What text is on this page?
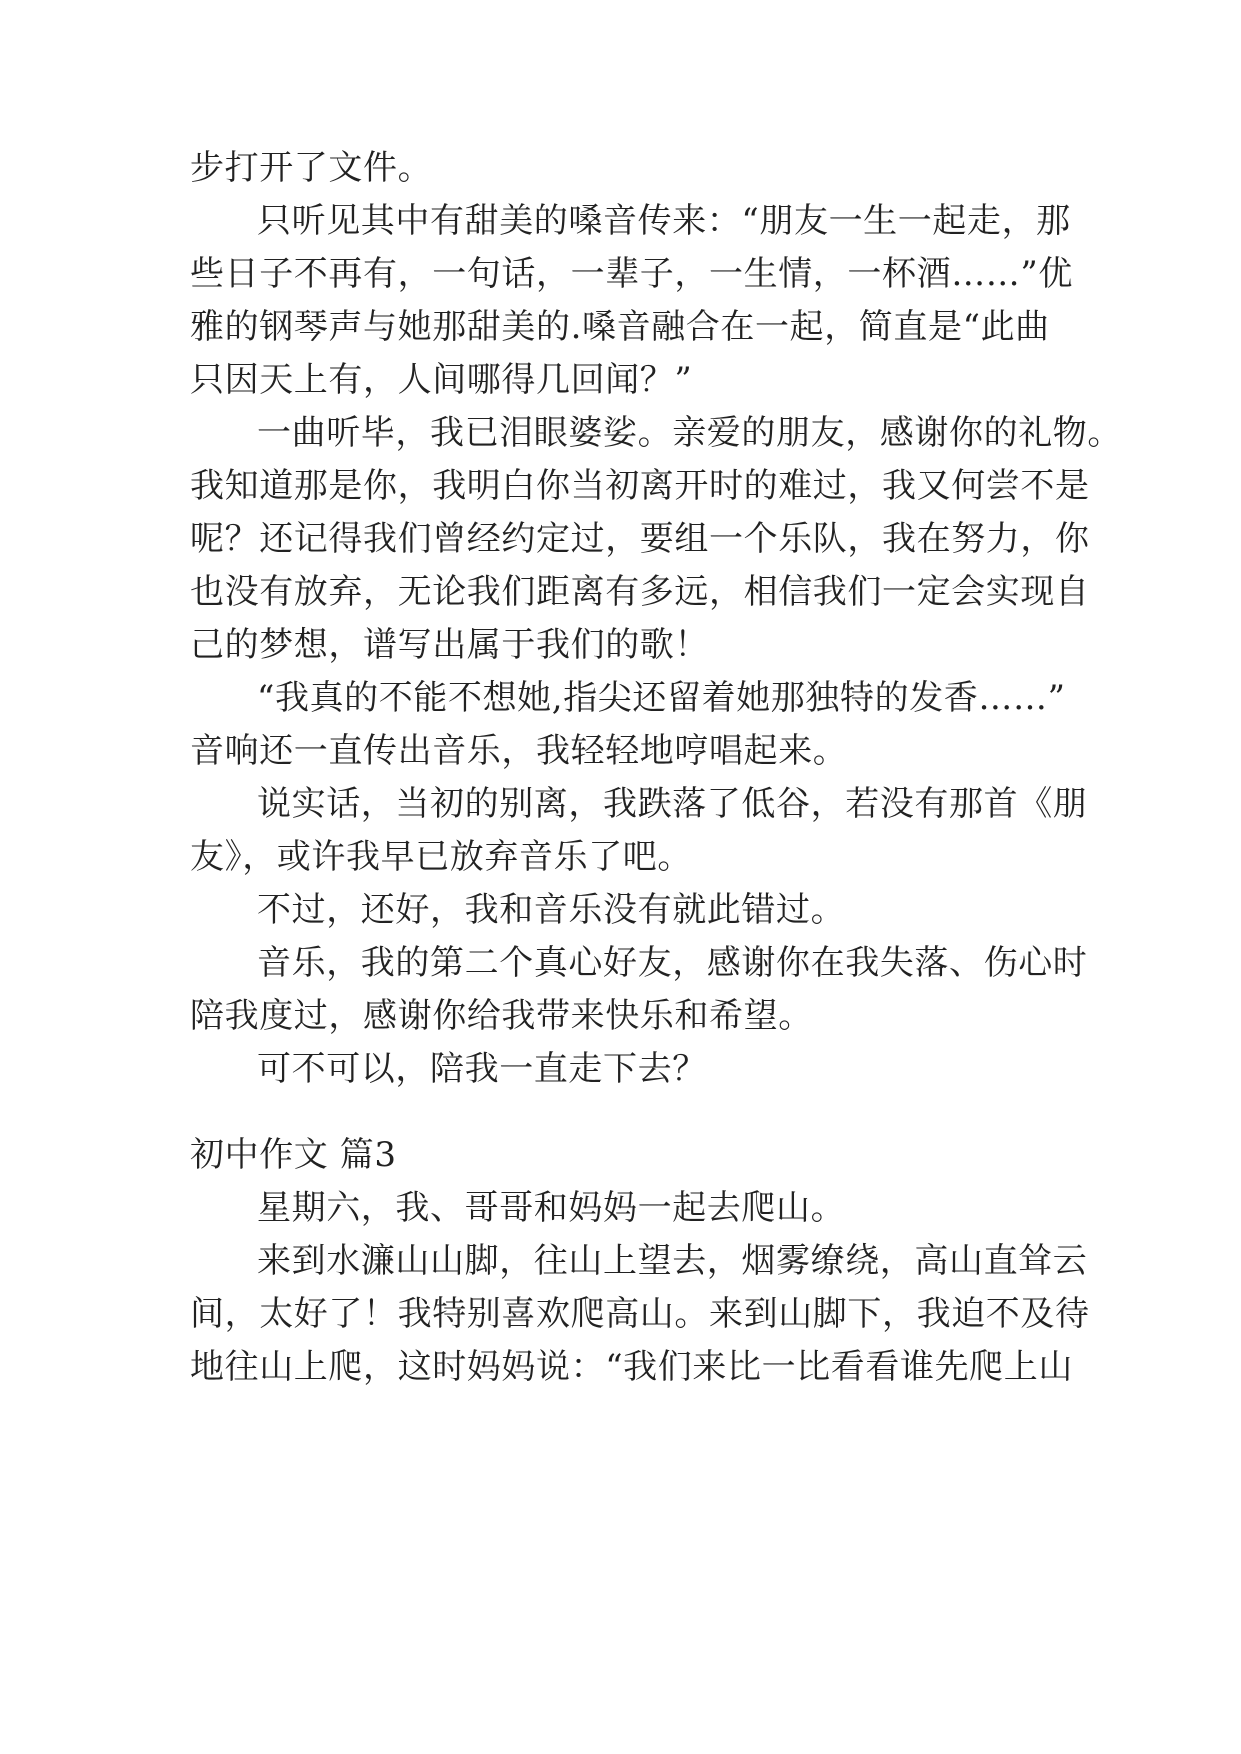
步打开了文件。
只听见其中有甜美的嗓音传来：“朋友一生一起走，那
些日子不再有，一句话，一辈子，一生情，一杯酒……”优
雅的钢琴声与她那甜美的.嗓音融合在一起，简直是“此曲
只因天上有，人间哪得几回闻？”
一曲听毕，我已泪眼婆娑。亲爱的朋友，感谢你的礼物。
我知道那是你，我明白你当初离开时的难过，我又何尝不是
呢？还记得我们曾经约定过，要组一个乐队，我在努力，你
也没有放弃，无论我们距离有多远，相信我们一定会实现自
己的梦想，谱写出属于我们的歌！
“我真的不能不想她,指尖还留着她那独特的发香……”
音响还一直传出音乐，我轻轻地哼唱起来。
说实话，当初的别离，我跌落了低谷，若没有那首《朋
友》，或许我早已放弃音乐了吧。
不过，还好，我和音乐没有就此错过。
音乐，我的第二个真心好友，感谢你在我失落、伤心时
陪我度过，感谢你给我带来快乐和希望。
可不可以，陪我一直走下去？
初中作文 篇3
星期六，我、哥哥和妈妈一起去爬山。
来到水濂山山脚，往山上望去，烟雾缭绕，高山直耸云
间，太好了！我特别喜欢爬高山。来到山脚下，我迫不及待
地往山上爬，这时妈妈说：“我们来比一比看看谁先爬上山
